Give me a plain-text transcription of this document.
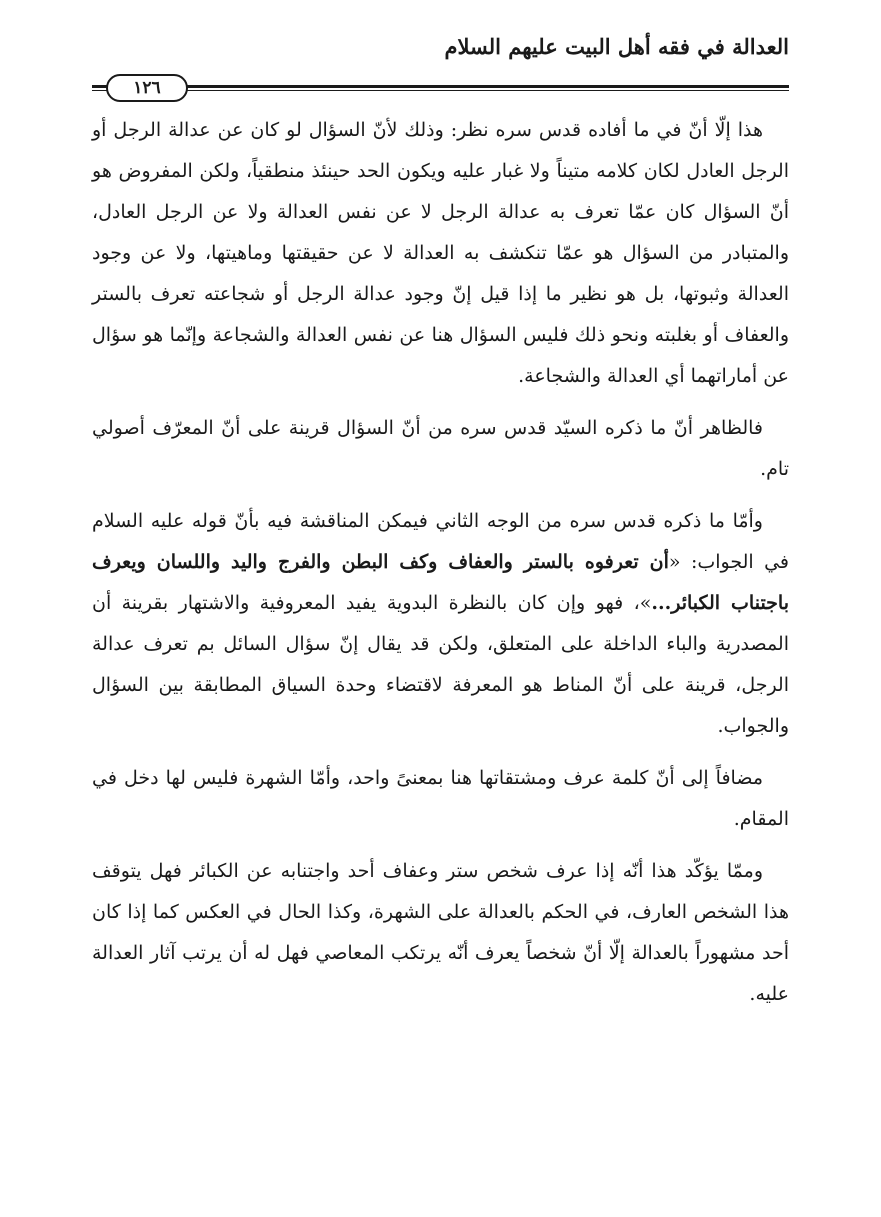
العدالة في فقه أهل البيت عليهم السلام
١٢٦

هذا إلّا أنّ في ما أفاده قدس سره نظر: وذلك لأنّ السؤال لو كان عن عدالة الرجل أو الرجل العادل لكان كلامه متيناً ولا غبار عليه ويكون الحد حينئذ منطقياً، ولكن المفروض هو أنّ السؤال كان عمّا تعرف به عدالة الرجل لا عن نفس العدالة ولا عن الرجل العادل، والمتبادر من السؤال هو عمّا تنكشف به العدالة لا عن حقيقتها وماهيتها، ولا عن وجود العدالة وثبوتها، بل هو نظير ما إذا قيل إنّ وجود عدالة الرجل أو شجاعته تعرف بالستر والعفاف أو بغلبته ونحو ذلك فليس السؤال هنا عن نفس العدالة والشجاعة وإنّما هو سؤال عن أماراتهما أي العدالة والشجاعة.

فالظاهر أنّ ما ذكره السيّد قدس سره من أنّ السؤال قرينة على أنّ المعرّف أصولي تام.

وأمّا ما ذكره قدس سره من الوجه الثاني فيمكن المناقشة فيه بأنّ قوله عليه السلام في الجواب: «أن تعرفوه بالستر والعفاف وكف البطن والفرج واليد واللسان ويعرف باجتناب الكبائر...»، فهو وإن كان بالنظرة البدوية يفيد المعروفية والاشتهار بقرينة أن المصدرية والباء الداخلة على المتعلق، ولكن قد يقال إنّ سؤال السائل بم تعرف عدالة الرجل، قرينة على أنّ المناط هو المعرفة لاقتضاء وحدة السياق المطابقة بين السؤال والجواب.

مضافاً إلى أنّ كلمة عرف ومشتقاتها هنا بمعنىً واحد، وأمّا الشهرة فليس لها دخل في المقام.

وممّا يؤكّد هذا أنّه إذا عرف شخص ستر وعفاف أحد واجتنابه عن الكبائر فهل يتوقف هذا الشخص العارف، في الحكم بالعدالة على الشهرة، وكذا الحال في العكس كما إذا كان أحد مشهوراً بالعدالة إلّا أنّ شخصاً يعرف أنّه يرتكب المعاصي فهل له أن يرتب آثار العدالة عليه.
